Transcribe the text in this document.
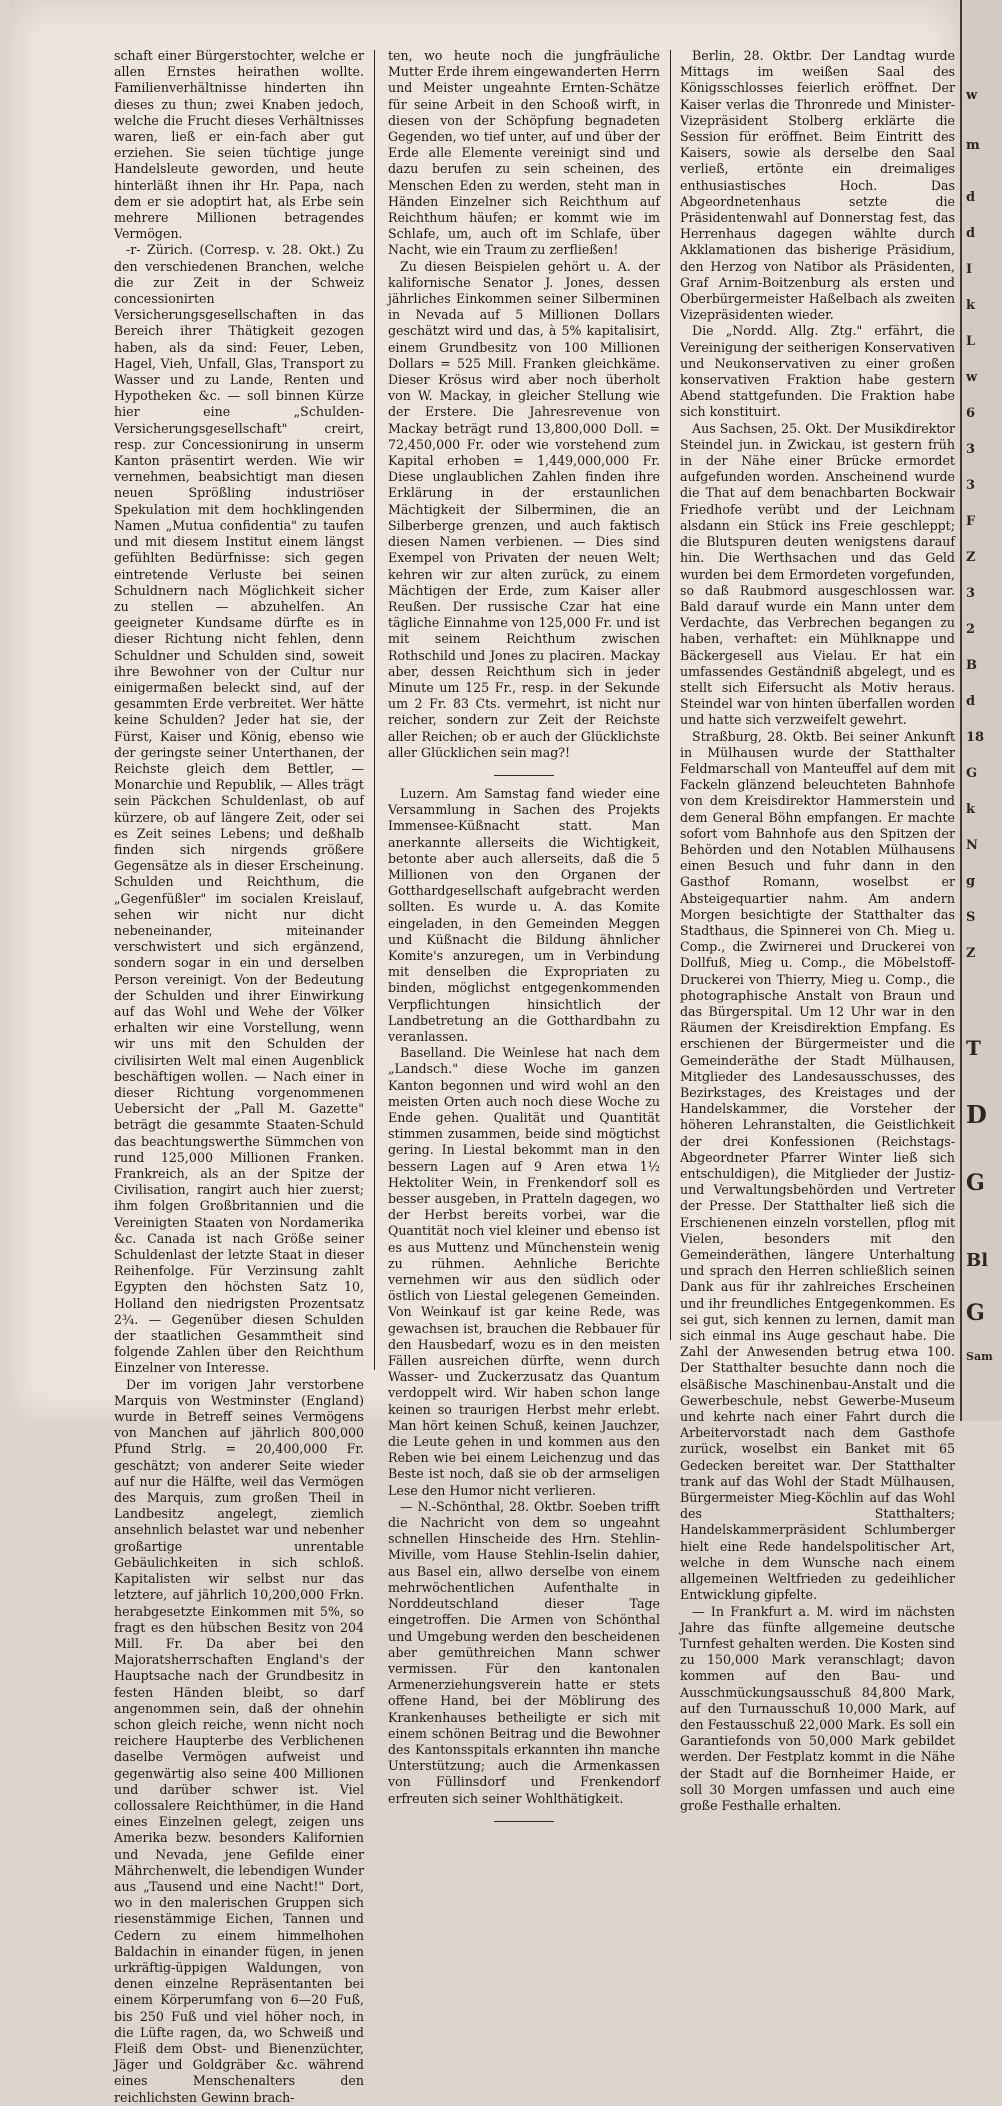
schaft einer Bürgerstochter, welche er allen Ernstes heirathen wollte. Familienverhältnisse hinderten ihn dieses zu thun; zwei Knaben jedoch, welche die Frucht dieses Verhältnisses waren, ließ er ein-fach aber gut erziehen. Sie seien tüchtige junge Handelsleute geworden, und heute hinterläßt ihnen ihr Hr. Papa, nach dem er sie adoptirt hat, als Erbe sein mehrere Millionen betragendes Vermögen.

-r- Zürich. (Corresp. v. 28. Okt.) Zu den verschiedenen Branchen, welche die zur Zeit in der Schweiz concessionirten Versicherungsgesellschaften in das Bereich ihrer Thätigkeit gezogen haben, als da sind: Feuer, Leben, Hagel, Vieh, Unfall, Glas, Transport zu Wasser und zu Lande, Renten und Hypotheken &c. — soll binnen Kürze hier eine „Schulden-Versicherungsgesellschaft" creirt, resp. zur Concessionirung in unserm Kanton präsentirt werden. Wie wir vernehmen, beabsichtigt man diesen neuen Sprößling industriöser Spekulation mit dem hochklingenden Namen „Mutua confidentia" zu taufen und mit diesem Institut einem längst gefühlten Bedürfnisse: sich gegen eintretende Verluste bei seinen Schuldnern nach Möglichkeit sicher zu stellen — abzuhelfen. An geeigneter Kundsame dürfte es in dieser Richtung nicht fehlen, denn Schuldner und Schulden sind, soweit ihre Bewohner von der Cultur nur einigermaßen beleckt sind, auf der gesammten Erde verbreitet. Wer hätte keine Schulden? Jeder hat sie, der Fürst, Kaiser und König, ebenso wie der geringste seiner Unterthanen, der Reichste gleich dem Bettler, — Monarchie und Republik, — Alles trägt sein Päckchen Schuldenlast, ob auf kürzere, ob auf längere Zeit, oder sei es Zeit seines Lebens; und deßhalb finden sich nirgends größere Gegensätze als in dieser Erscheinung. Schulden und Reichthum, die „Gegenfüßler" im socialen Kreislauf, sehen wir nicht nur dicht nebeneinander, miteinander verschwistert und sich ergänzend, sondern sogar in ein und derselben Person vereinigt. Von der Bedeutung der Schulden und ihrer Einwirkung auf das Wohl und Wehe der Völker erhalten wir eine Vorstellung, wenn wir uns mit den Schulden der civilisirten Welt mal einen Augenblick beschäftigen wollen. — Nach einer in dieser Richtung vorgenommenen Uebersicht der „Pall M. Gazette" beträgt die gesammte Staaten-Schuld das beachtungswerthe Sümmchen von rund 125,000 Millionen Franken. Frankreich, als an der Spitze der Civilisation, rangirt auch hier zuerst; ihm folgen Großbritannien und die Vereinigten Staaten von Nordamerika &c. Canada ist nach Größe seiner Schuldenlast der letzte Staat in dieser Reihenfolge. Für Verzinsung zahlt Egypten den höchsten Satz 10, Holland den niedrigsten Prozentsatz 2¾. — Gegenüber diesen Schulden der staatlichen Gesammtheit sind folgende Zahlen über den Reichthum Einzelner von Interesse.

Der im vorigen Jahr verstorbene Marquis von Westminster (England) wurde in Betreff seines Vermögens von Manchen auf jährlich 800,000 Pfund Strlg. = 20,400,000 Fr. geschätzt; von anderer Seite wieder auf nur die Hälfte, weil das Vermögen des Marquis, zum großen Theil in Landbesitz angelegt, ziemlich ansehnlich belastet war und nebenher großartige unrentable Gebäulichkeiten in sich schloß. Kapitalisten wir selbst nur das letztere, auf jährlich 10,200,000 Frkn. herabgesetzte Einkommen mit 5%, so fragt es den hübschen Besitz von 204 Mill. Fr. Da aber bei den Majoratsherrschaften England's der Hauptsache nach der Grundbesitz in festen Händen bleibt, so darf angenommen sein, daß der ohnehin schon gleich reiche, wenn nicht noch reichere Haupterbe des Verblichenen daselbe Vermögen aufweist und gegenwärtig also seine 400 Millionen und darüber schwer ist. Viel collossalere Reichthümer, in die Hand eines Einzelnen gelegt, zeigen uns Amerika bezw. besonders Kalifornien und Nevada, jene Gefilde einer Mährchenwelt, die lebendigen Wunder aus „Tausend und eine Nacht!" Dort, wo in den malerischen Gruppen sich riesenstämmige Eichen, Tannen und Cedern zu einem himmelhohen Baldachin in einander fügen, in jenen urkräftig-üppigen Waldungen, von denen einzelne Repräsentanten bei einem Körperumfang von 6—20 Fuß, bis 250 Fuß und viel höher noch, in die Lüfte ragen, da, wo Schweiß und Fleiß dem Obst- und Bienenzüchter, Jäger und Goldgräber &c. während eines Menschenalters den reichlichsten Gewinn brach-

ten, wo heute noch die jungfräuliche Mutter Erde ihrem eingewanderten Herrn und Meister ungeahnte Ernten-Schätze für seine Arbeit in den Schooß wirft, in diesen von der Schöpfung begnadeten Gegenden, wo tief unter, auf und über der Erde alle Elemente vereinigt sind und dazu berufen zu sein scheinen, des Menschen Eden zu werden, steht man in Händen Einzelner sich Reichthum auf Reichthum häufen; er kommt wie im Schlafe, um, auch oft im Schlafe, über Nacht, wie ein Traum zu zerfließen!

Zu diesen Beispielen gehört u. A. der kalifornische Senator J. Jones, dessen jährliches Einkommen seiner Silberminen in Nevada auf 5 Millionen Dollars geschätzt wird und das, à 5% kapitalisirt, einem Grundbesitz von 100 Millionen Dollars = 525 Mill. Franken gleichkäme. Dieser Krösus wird aber noch überholt von W. Mackay, in gleicher Stellung wie der Erstere. Die Jahresrevenue von Mackay beträgt rund 13,800,000 Doll. = 72,450,000 Fr. oder wie vorstehend zum Kapital erhoben = 1,449,000,000 Fr. Diese unglaublichen Zahlen finden ihre Erklärung in der erstaunlichen Mächtigkeit der Silberminen, die an Silberberge grenzen, und auch faktisch diesen Namen verbienen. — Dies sind Exempel von Privaten der neuen Welt; kehren wir zur alten zurück, zu einem Mächtigen der Erde, zum Kaiser aller Reußen. Der russische Czar hat eine tägliche Einnahme von 125,000 Fr. und ist mit seinem Reichthum zwischen Rothschild und Jones zu placiren. Mackay aber, dessen Reichthum sich in jeder Minute um 125 Fr., resp. in der Sekunde um 2 Fr. 83 Cts. vermehrt, ist nicht nur reicher, sondern zur Zeit der Reichste aller Reichen; ob er auch der Glücklichste aller Glücklichen sein mag?!

Luzern. Am Samstag fand wieder eine Versammlung in Sachen des Projekts Immensee-Küßnacht statt. Man anerkannte allerseits die Wichtigkeit, betonte aber auch allerseits, daß die 5 Millionen von den Organen der Gotthardgesellschaft aufgebracht werden sollten. Es wurde u. A. das Komite eingeladen, in den Gemeinden Meggen und Küßnacht die Bildung ähnlicher Komite's anzuregen, um in Verbindung mit denselben die Expropriaten zu binden, möglichst entgegenkommenden Verpflichtungen hinsichtlich der Landbetretung an die Gotthardbahn zu veranlassen.

Baselland. Die Weinlese hat nach dem „Landsch." diese Woche im ganzen Kanton begonnen und wird wohl an den meisten Orten auch noch diese Woche zu Ende gehen. Qualität und Quantität stimmen zusammen, beide sind mögtichst gering. In Liestal bekommt man in den bessern Lagen auf 9 Aren etwa 1½ Hektoliter Wein, in Frenkendorf soll es besser ausgeben, in Pratteln dagegen, wo der Herbst bereits vorbei, war die Quantität noch viel kleiner und ebenso ist es aus Muttenz und Münchenstein wenig zu rühmen. Aehnliche Berichte vernehmen wir aus den südlich oder östlich von Liestal gelegenen Gemeinden. Von Weinkauf ist gar keine Rede, was gewachsen ist, brauchen die Rebbauer für den Hausbedarf, wozu es in den meisten Fällen ausreichen dürfte, wenn durch Wasser- und Zuckerzusatz das Quantum verdoppelt wird. Wir haben schon lange keinen so traurigen Herbst mehr erlebt. Man hört keinen Schuß, keinen Jauchzer, die Leute gehen in und kommen aus den Reben wie bei einem Leichenzug und das Beste ist noch, daß sie ob der armseligen Lese den Humor nicht verlieren.

— N.-Schönthal, 28. Oktbr. Soeben trifft die Nachricht von dem so ungeahnt schnellen Hinscheide des Hrn. Stehlin-Miville, vom Hause Stehlin-Iselin dahier, aus Basel ein, allwo derselbe von einem mehrwöchentlichen Aufenthalte in Norddeutschland dieser Tage eingetroffen. Die Armen von Schönthal und Umgebung werden den bescheidenen aber gemüthreichen Mann schwer vermissen. Für den kantonalen Armenerziehungsverein hatte er stets offene Hand, bei der Möblirung des Krankenhauses betheiligte er sich mit einem schönen Beitrag und die Bewohner des Kantonsspitals erkannten ihn manche Unterstützung; auch die Armenkassen von Füllinsdorf und Frenkendorf erfreuten sich seiner Wohlthätigkeit.

Berlin, 28. Oktbr. Der Landtag wurde Mittags im weißen Saal des Königsschlosses feierlich eröffnet. Der Kaiser verlas die Thronrede und Minister-Vizepräsident Stolberg erklärte die Session für eröffnet. Beim Eintritt des Kaisers, sowie als derselbe den Saal verließ, ertönte ein dreimaliges enthusiastisches Hoch. Das Abgeordnetenhaus setzte die Präsidentenwahl auf Donnerstag fest, das Herrenhaus dagegen wählte durch Akklamationen das bisherige Präsidium, den Herzog von Natibor als Präsidenten, Graf Arnim-Boitzenburg als ersten und Oberbürgermeister Haßelbach als zweiten Vizepräsidenten wieder.

Die „Nordd. Allg. Ztg." erfährt, die Vereinigung der seitherigen Konservativen und Neukonservativen zu einer großen konservativen Fraktion habe gestern Abend stattgefunden. Die Fraktion habe sich konstituirt.

Aus Sachsen, 25. Okt. Der Musikdirektor Steindel jun. in Zwickau, ist gestern früh in der Nähe einer Brücke ermordet aufgefunden worden. Anscheinend wurde die That auf dem benachbarten Bockwair Friedhofe verübt und der Leichnam alsdann ein Stück ins Freie geschleppt; die Blutspuren deuten wenigstens darauf hin. Die Werthsachen und das Geld wurden bei dem Ermordeten vorgefunden, so daß Raubmord ausgeschlossen war. Bald darauf wurde ein Mann unter dem Verdachte, das Verbrechen begangen zu haben, verhaftet: ein Mühlknappe und Bäckergesell aus Vielau. Er hat ein umfassendes Geständniß abgelegt, und es stellt sich Eifersucht als Motiv heraus. Steindel war von hinten überfallen worden und hatte sich verzweifelt gewehrt.

Straßburg, 28. Oktb. Bei seiner Ankunft in Mülhausen wurde der Statthalter Feldmarschall von Manteuffel auf dem mit Fackeln glänzend beleuchteten Bahnhofe von dem Kreisdirektor Hammerstein und dem General Böhn empfangen. Er machte sofort vom Bahnhofe aus den Spitzen der Behörden und den Notablen Mülhausens einen Besuch und fuhr dann in den Gasthof Romann, woselbst er Absteigequartier nahm. Am andern Morgen besichtigte der Statthalter das Stadthaus, die Spinnerei von Ch. Mieg u. Comp., die Zwirnerei und Druckerei von Dollfuß, Mieg u. Comp., die Möbelstoff-Druckerei von Thierry, Mieg u. Comp., die photographische Anstalt von Braun und das Bürgerspital. Um 12 Uhr war in den Räumen der Kreisdirektion Empfang. Es erschienen der Bürgermeister und die Gemeinderäthe der Stadt Mülhausen, Mitglieder des Landesausschusses, des Bezirkstages, des Kreistages und der Handelskammer, die Vorsteher der höheren Lehranstalten, die Geistlichkeit der drei Konfessionen (Reichstags-Abgeordneter Pfarrer Winter ließ sich entschuldigen), die Mitglieder der Justiz- und Verwaltungsbehörden und Vertreter der Presse. Der Statthalter ließ sich die Erschienenen einzeln vorstellen, pflog mit Vielen, besonders mit den Gemeinderäthen, längere Unterhaltung und sprach den Herren schließlich seinen Dank aus für ihr zahlreiches Erscheinen und ihr freundliches Entgegenkommen. Es sei gut, sich kennen zu lernen, damit man sich einmal ins Auge geschaut habe. Die Zahl der Anwesenden betrug etwa 100. Der Statthalter besuchte dann noch die elsäßische Maschinenbau-Anstalt und die Gewerbeschule, nebst Gewerbe-Museum und kehrte nach einer Fahrt durch die Arbeitervorstadt nach dem Gasthofe zurück, woselbst ein Banket mit 65 Gedecken bereitet war. Der Statthalter trank auf das Wohl der Stadt Mülhausen, Bürgermeister Mieg-Köchlin auf das Wohl des Statthalters; Handelskammerpräsident Schlumberger hielt eine Rede handelspolitischer Art, welche in dem Wunsche nach einem allgemeinen Weltfrieden zu gedeihlicher Entwicklung gipfelte.

— In Frankfurt a. M. wird im nächsten Jahre das fünfte allgemeine deutsche Turnfest gehalten werden. Die Kosten sind zu 150,000 Mark veranschlagt; davon kommen auf den Bau- und Ausschmückungsausschuß 84,800 Mark, auf den Turnausschuß 10,000 Mark, auf den Festausschuß 22,000 Mark. Es soll ein Garantiefonds von 50,000 Mark gebildet werden. Der Festplatz kommt in die Nähe der Stadt auf die Bornheimer Haide, er soll 30 Morgen umfassen und auch eine große Festhalle erhalten.

w
m
d
d
I
k
L
w
6
3
3
F
Z
3
2
B
d
18
G
k
N
g
S
Z
T
D
G
Bl
G
Sam
